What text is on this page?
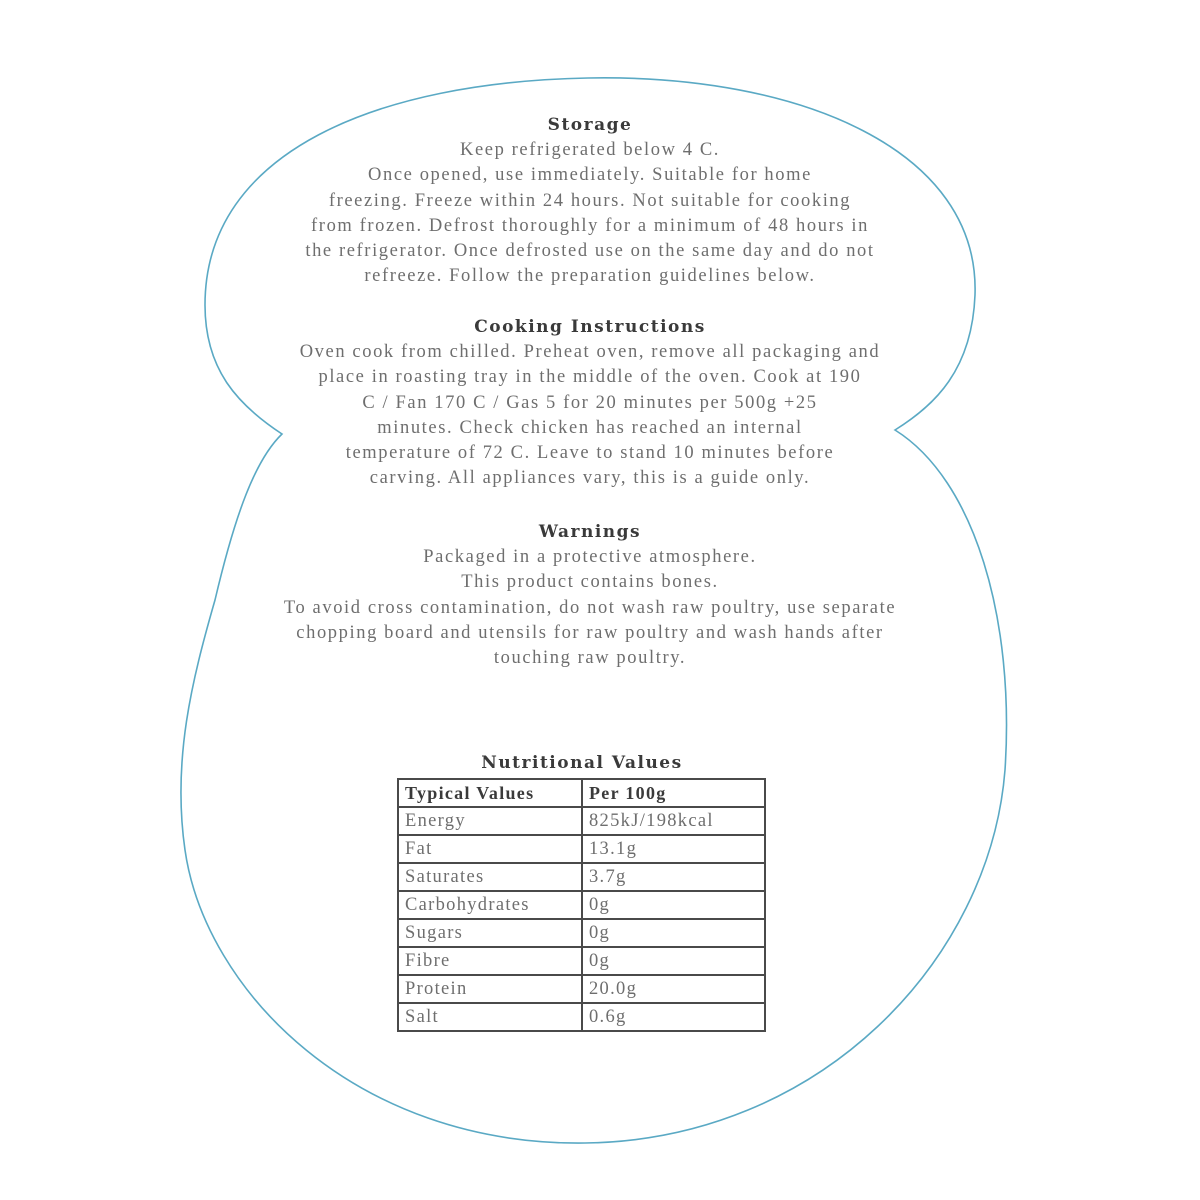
Storage
Keep refrigerated below 4 C.
Once opened, use immediately. Suitable for home
freezing. Freeze within 24 hours. Not suitable for cooking
from frozen. Defrost thoroughly for a minimum of 48 hours in
the refrigerator. Once defrosted use on the same day and do not
refreeze. Follow the preparation guidelines below.
Cooking Instructions
Oven cook from chilled. Preheat oven, remove all packaging and
place in roasting tray in the middle of the oven. Cook at 190
C / Fan 170 C / Gas 5 for 20 minutes per 500g +25
minutes. Check chicken has reached an internal
temperature of 72 C. Leave to stand 10 minutes before
carving. All appliances vary, this is a guide only.
Warnings
Packaged in a protective atmosphere.
This product contains bones.
To avoid cross contamination, do not wash raw poultry, use separate
chopping board and utensils for raw poultry and wash hands after
touching raw poultry.
Nutritional Values
Typical Values	Per 100g
Energy	825kJ/198kcal
Fat	13.1g
Saturates	3.7g
Carbohydrates	0g
Sugars	0g
Fibre	0g
Protein	20.0g
Salt	0.6g
